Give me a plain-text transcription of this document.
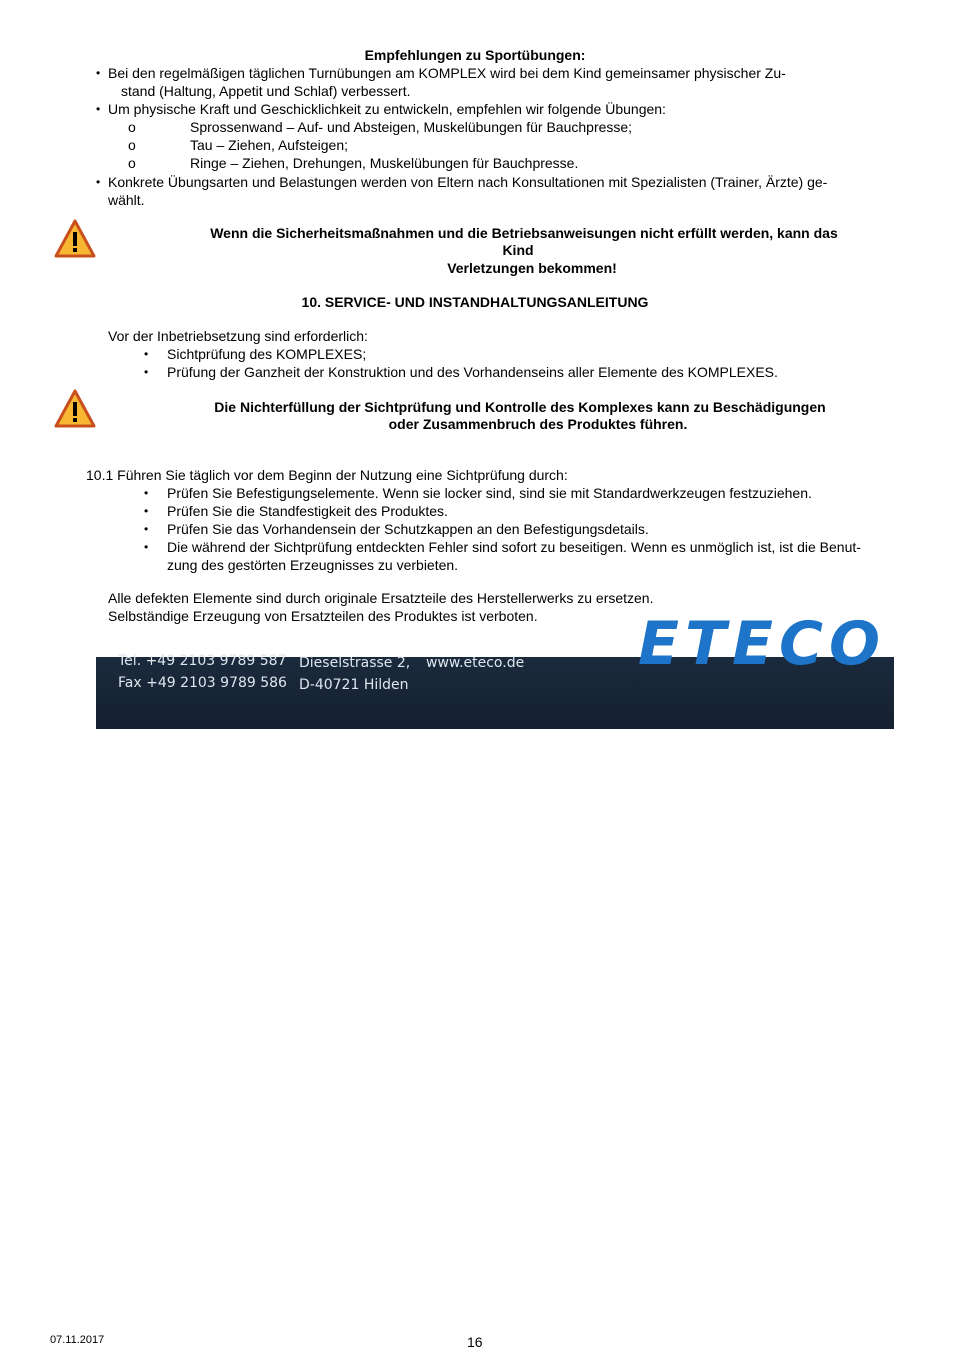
Empfehlungen zu Sportübungen:
• Bei den regelmäßigen täglichen Turnübungen am KOMPLEX wird bei dem Kind gemeinsamer physischer Zu-
stand (Haltung, Appetit und Schlaf) verbessert.
• Um physische Kraft und Geschicklichkeit zu entwickeln, empfehlen wir folgende Übungen:
o	Sprossenwand – Auf- und Absteigen, Muskelübungen für Bauchpresse;
o	Tau – Ziehen, Aufsteigen;
o	Ringe – Ziehen, Drehungen, Muskelübungen für Bauchpresse.
• Konkrete Übungsarten und Belastungen werden von Eltern nach Konsultationen mit Spezialisten (Trainer, Ärzte) ge-
wählt.
Wenn die Sicherheitsmaßnahmen und die Betriebsanweisungen nicht erfüllt werden, kann das
Kind
Verletzungen bekommen!
10. SERVICE- UND INSTANDHALTUNGSANLEITUNG
Vor der Inbetriebsetzung sind erforderlich:
• Sichtprüfung des KOMPLEXES;
• Prüfung der Ganzheit der Konstruktion und des Vorhandenseins aller Elemente des KOMPLEXES.
Die Nichterfüllung der Sichtprüfung und Kontrolle des Komplexes kann zu Beschädigungen
oder Zusammenbruch des Produktes führen.
10.1 Führen Sie täglich vor dem Beginn der Nutzung eine Sichtprüfung durch:
• Prüfen Sie Befestigungselemente. Wenn sie locker sind, sind sie mit Standardwerkzeugen festzuziehen.
• Prüfen Sie die Standfestigkeit des Produktes.
• Prüfen Sie das Vorhandensein der Schutzkappen an den Befestigungsdetails.
• Die während der Sichtprüfung entdeckten Fehler sind sofort zu beseitigen. Wenn es unmöglich ist, ist die Benut-
zung des gestörten Erzeugnisses zu verbieten.
Alle defekten Elemente sind durch originale Ersatzteile des Herstellerwerks zu ersetzen.
Selbständige Erzeugung von Ersatzteilen des Produktes ist verboten. ETECO
Tel. +49 2103 9789 587
Fax +49 2103 9789 586
Dieselstrasse 2,
D-40721 Hilden
www.eteco.de
07.11.2017	16
